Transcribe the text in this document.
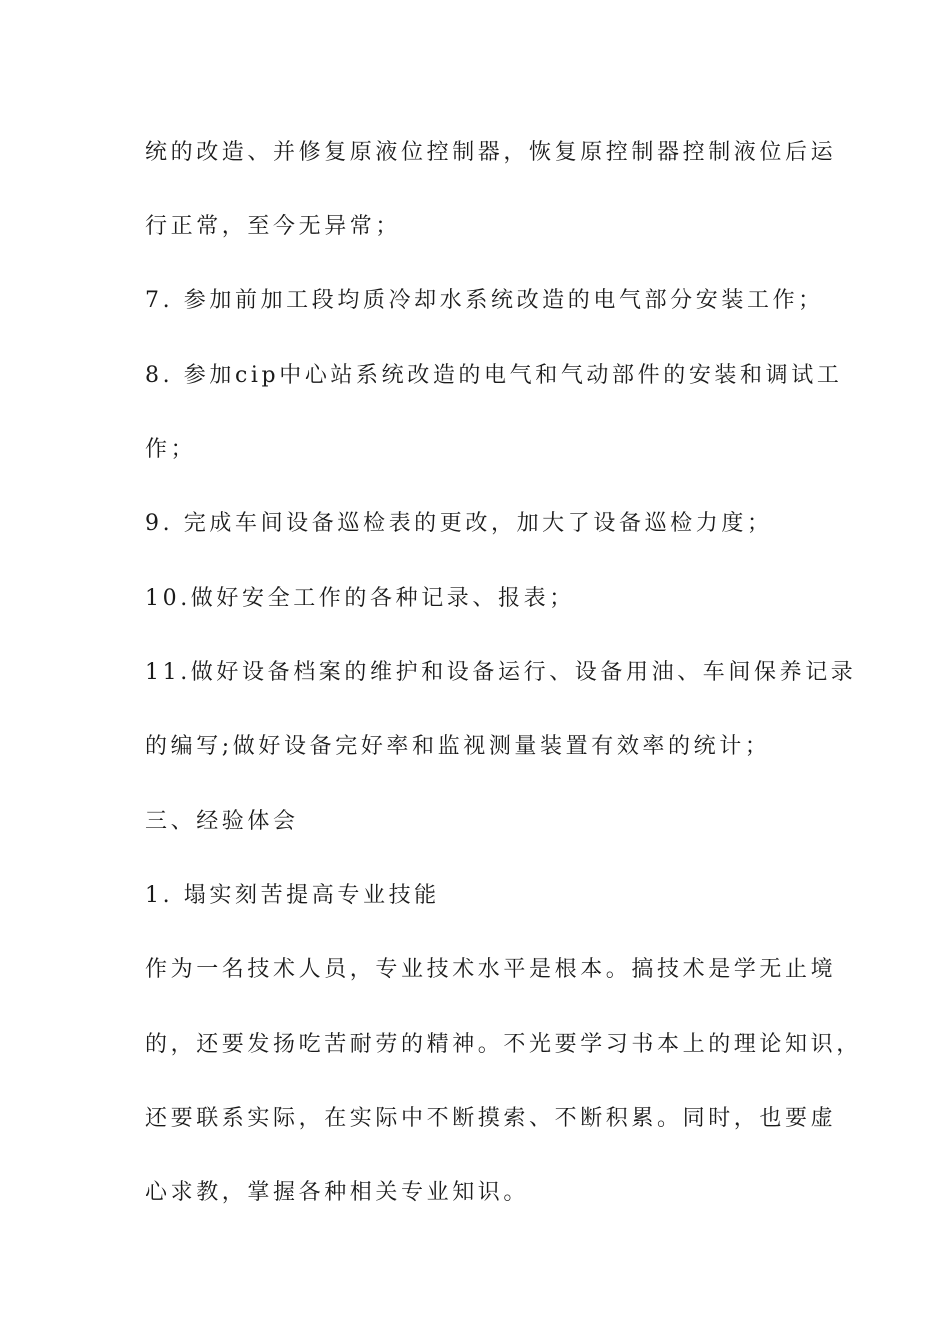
统的改造、并修复原液位控制器，恢复原控制器控制液位后运
行正常，至今无异常；
7. 参加前加工段均质冷却水系统改造的电气部分安装工作；
8. 参加cip中心站系统改造的电气和气动部件的安装和调试工
作；
9. 完成车间设备巡检表的更改，加大了设备巡检力度；
10.做好安全工作的各种记录、报表；
11.做好设备档案的维护和设备运行、设备用油、车间保养记录
的编写;做好设备完好率和监视测量装置有效率的统计；
三、经验体会
1. 塌实刻苦提高专业技能
作为一名技术人员，专业技术水平是根本。搞技术是学无止境
的，还要发扬吃苦耐劳的精神。不光要学习书本上的理论知识，
还要联系实际，在实际中不断摸索、不断积累。同时，也要虚
心求教，掌握各种相关专业知识。
